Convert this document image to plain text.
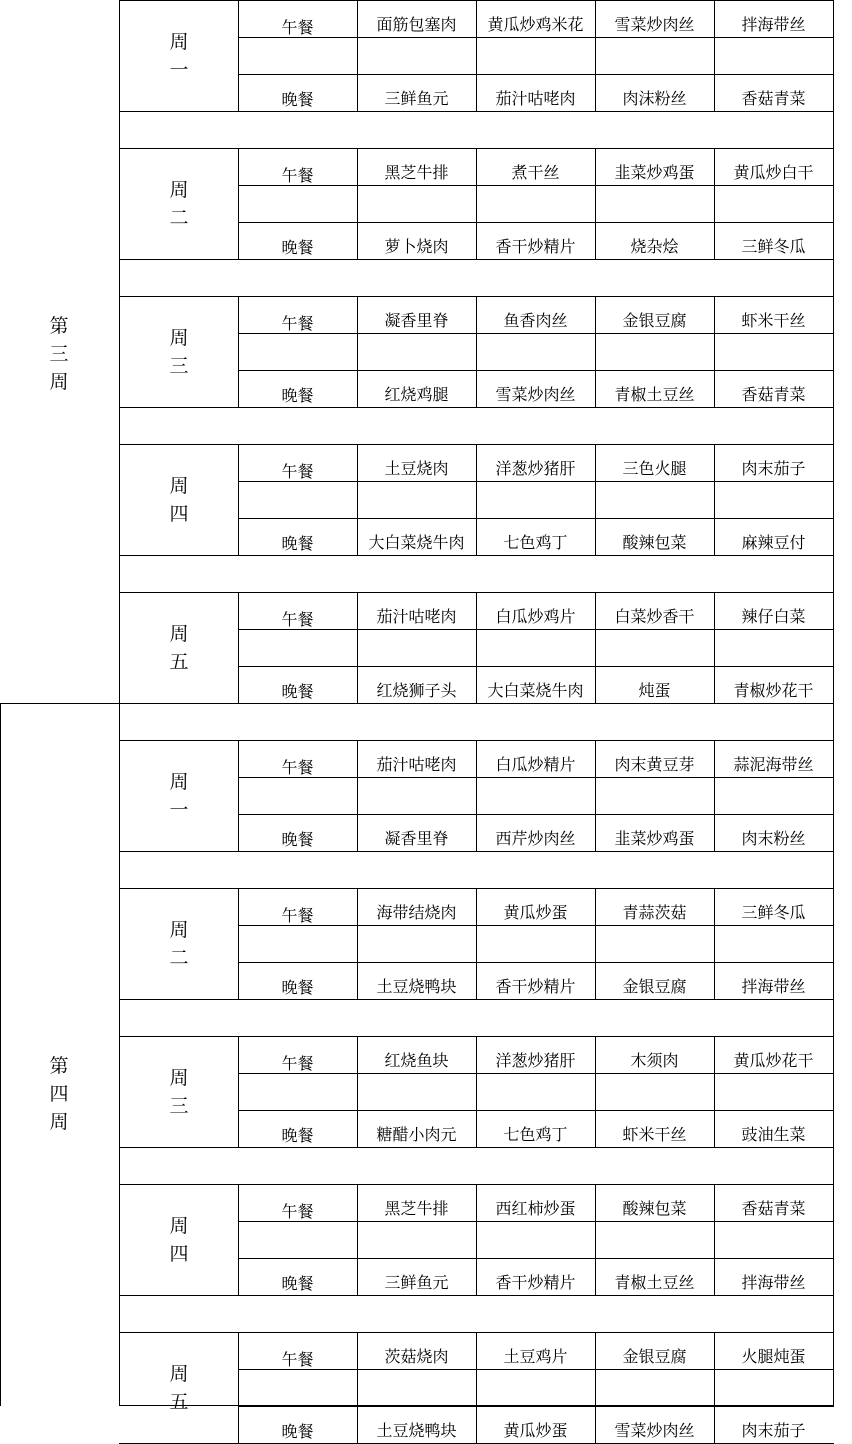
第三周
周一
午餐	面筋包塞肉	黄瓜炒鸡米花	雪菜炒肉丝	拌海带丝
晚餐	三鲜鱼元	茄汁咕咾肉	肉沫粉丝	香菇青菜
周二
午餐	黑芝牛排	煮干丝	韭菜炒鸡蛋	黄瓜炒白干
晚餐	萝卜烧肉	香干炒精片	烧杂烩	三鲜冬瓜
周三
午餐	凝香里脊	鱼香肉丝	金银豆腐	虾米干丝
晚餐	红烧鸡腿	雪菜炒肉丝	青椒土豆丝	香菇青菜
周四
午餐	土豆烧肉	洋葱炒猪肝	三色火腿	肉末茄子
晚餐	大白菜烧牛肉	七色鸡丁	酸辣包菜	麻辣豆付
周五
午餐	茄汁咕咾肉	白瓜炒鸡片	白菜炒香干	辣仔白菜
晚餐	红烧狮子头	大白菜烧牛肉	炖蛋	青椒炒花干
第四周
周一
午餐	茄汁咕咾肉	白瓜炒精片	肉末黄豆芽	蒜泥海带丝
晚餐	凝香里脊	西芹炒肉丝	韭菜炒鸡蛋	肉末粉丝
周二
午餐	海带结烧肉	黄瓜炒蛋	青蒜茨菇	三鲜冬瓜
晚餐	土豆烧鸭块	香干炒精片	金银豆腐	拌海带丝
周三
午餐	红烧鱼块	洋葱炒猪肝	木须肉	黄瓜炒花干
晚餐	糖醋小肉元	七色鸡丁	虾米干丝	豉油生菜
周四
午餐	黑芝牛排	西红柿炒蛋	酸辣包菜	香菇青菜
晚餐	三鲜鱼元	香干炒精片	青椒土豆丝	拌海带丝
周五
午餐	茨菇烧肉	土豆鸡片	金银豆腐	火腿炖蛋
晚餐	土豆烧鸭块	黄瓜炒蛋	雪菜炒肉丝	肉末茄子
